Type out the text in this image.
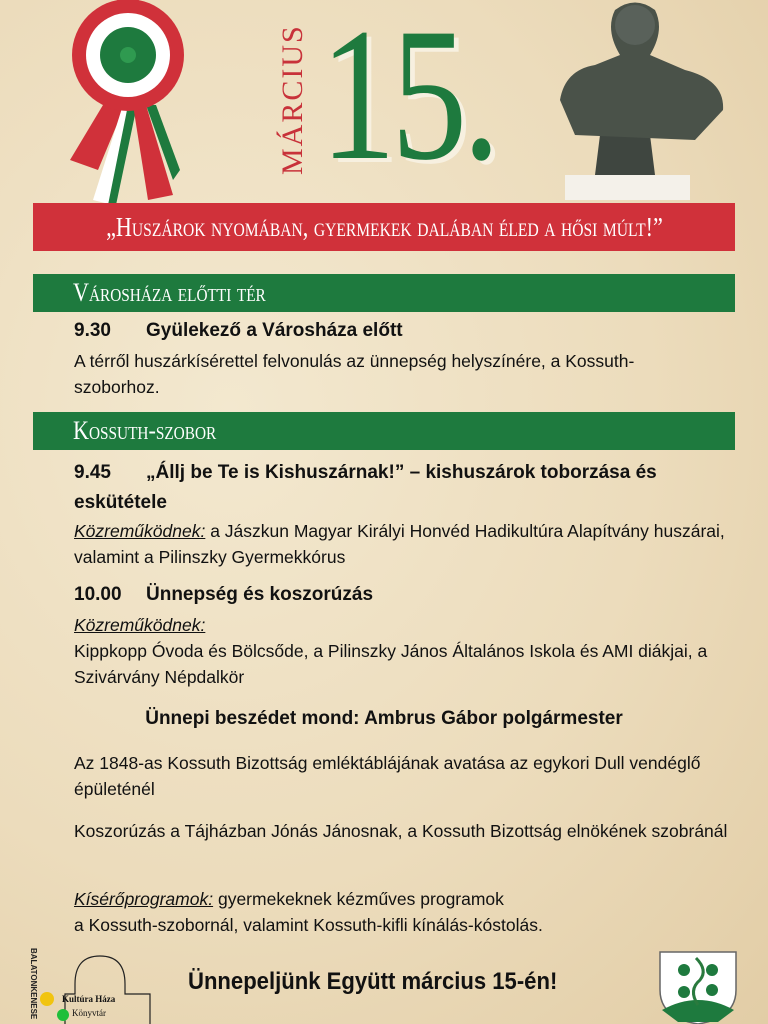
MÁRCIUS 15.
„Huszárok nyomában, gyermekek dalában éled a hősi múlt!”
Városháza előtti tér
9.30 Gyülekező a Városháza előtt
A térről huszárkísérettel felvonulás az ünnepség helyszínére, a Kossuth-szoborhoz.
Kossuth-szobor
9.45 „Állj be Te is Kishuszárnak!” – kishuszárok toborzása és eskütétele
Közreműködnek: a Jászkun Magyar Királyi Honvéd Hadikultúra Alapítvány huszárai, valamint a Pilinszky Gyermekkórus
10.00 Ünnepség és koszorúzás
Közreműködnek:
Kippkopp Óvoda és Bölcsőde, a Pilinszky János Általános Iskola és AMI diákjai, a Szivárvány Népdalkör
Ünnepi beszédet mond: Ambrus Gábor polgármester
Az 1848-as Kossuth Bizottság emléktáblájának avatása az egykori Dull vendéglő épületénél
Koszorúzás a Tájházban Jónás Jánosnak, a Kossuth Bizottság elnökének szobránál
Kísérőprogramok: gyermekeknek kézműves programok
a Kossuth-szobornál, valamint Kossuth-kifli kínálás-kóstolás.
BALATONKENESE	Kultúra Háza
Könyvtár
Ünnepeljünk Együtt március 15-én!
